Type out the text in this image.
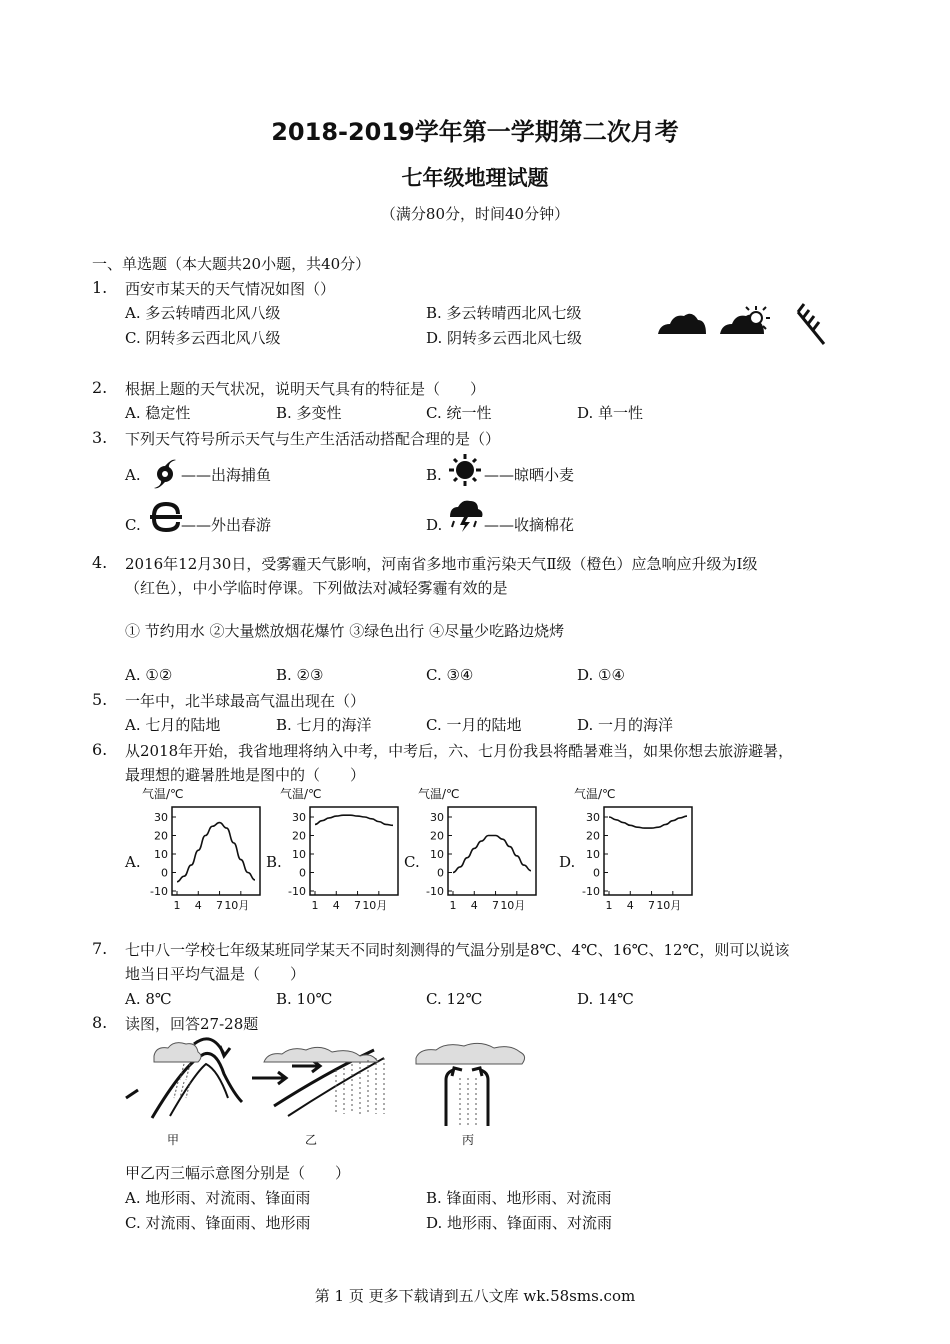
2018-2019学年第一学期第二次月考
七年级地理试题
（满分80分，时间40分钟）
一、单选题（本大题共20小题，共40分）
1. 西安市某天的天气情况如图（）
A. 多云转晴西北风八级	B. 多云转晴西北风七级
C. 阴转多云西北风八级	D. 阴转多云西北风七级
2. 根据上题的天气状况，说明天气具有的特征是（　　）
A. 稳定性	B. 多变性	C. 统一性	D. 单一性
3. 下列天气符号所示天气与生产生活活动搭配合理的是（）
A.	——出海捕鱼	B.	——晾晒小麦
C.	——外出春游	D.	——收摘棉花
4. 2016年12月30日，受雾霾天气影响，河南省多地市重污染天气Ⅱ级（橙色）应急响应升级为Ⅰ级
（红色），中小学临时停课。下列做法对减轻雾霾有效的是
① 节约用水 ②大量燃放烟花爆竹 ③绿色出行 ④尽量少吃路边烧烤
A. ①②	B. ②③	C. ③④	D. ①④
5. 一年中，北半球最高气温出现在（）
A. 七月的陆地	B. 七月的海洋	C. 一月的陆地	D. 一月的海洋
6. 从2018年开始，我省地理将纳入中考，中考后，六、七月份我县将酷暑难当，如果你想去旅游避暑，
最理想的避暑胜地是图中的（　　）
A.	B.	C.	D.
气温/℃
30
20
10
0
-10
1 4 7 10月
气温/℃
30
20
10
0
-10
1 4 7 10月
气温/℃
30
20
10
0
-10
1 4 7 10月
气温/℃
30
20
10
0
-10
1 4 7 10月
7. 七中八一学校七年级某班同学某天不同时刻测得的气温分别是8℃、4℃、16℃、12℃，则可以说该
地当日平均气温是（　　）
A. 8℃	B. 10℃	C. 12℃	D. 14℃
8. 读图，回答27-28题
甲	乙	丙
甲乙丙三幅示意图分别是（　　）
A. 地形雨、对流雨、锋面雨	B. 锋面雨、地形雨、对流雨
C. 对流雨、锋面雨、地形雨	D. 地形雨、锋面雨、对流雨
第 1 页 更多下载请到五八文库 wk.58sms.com
